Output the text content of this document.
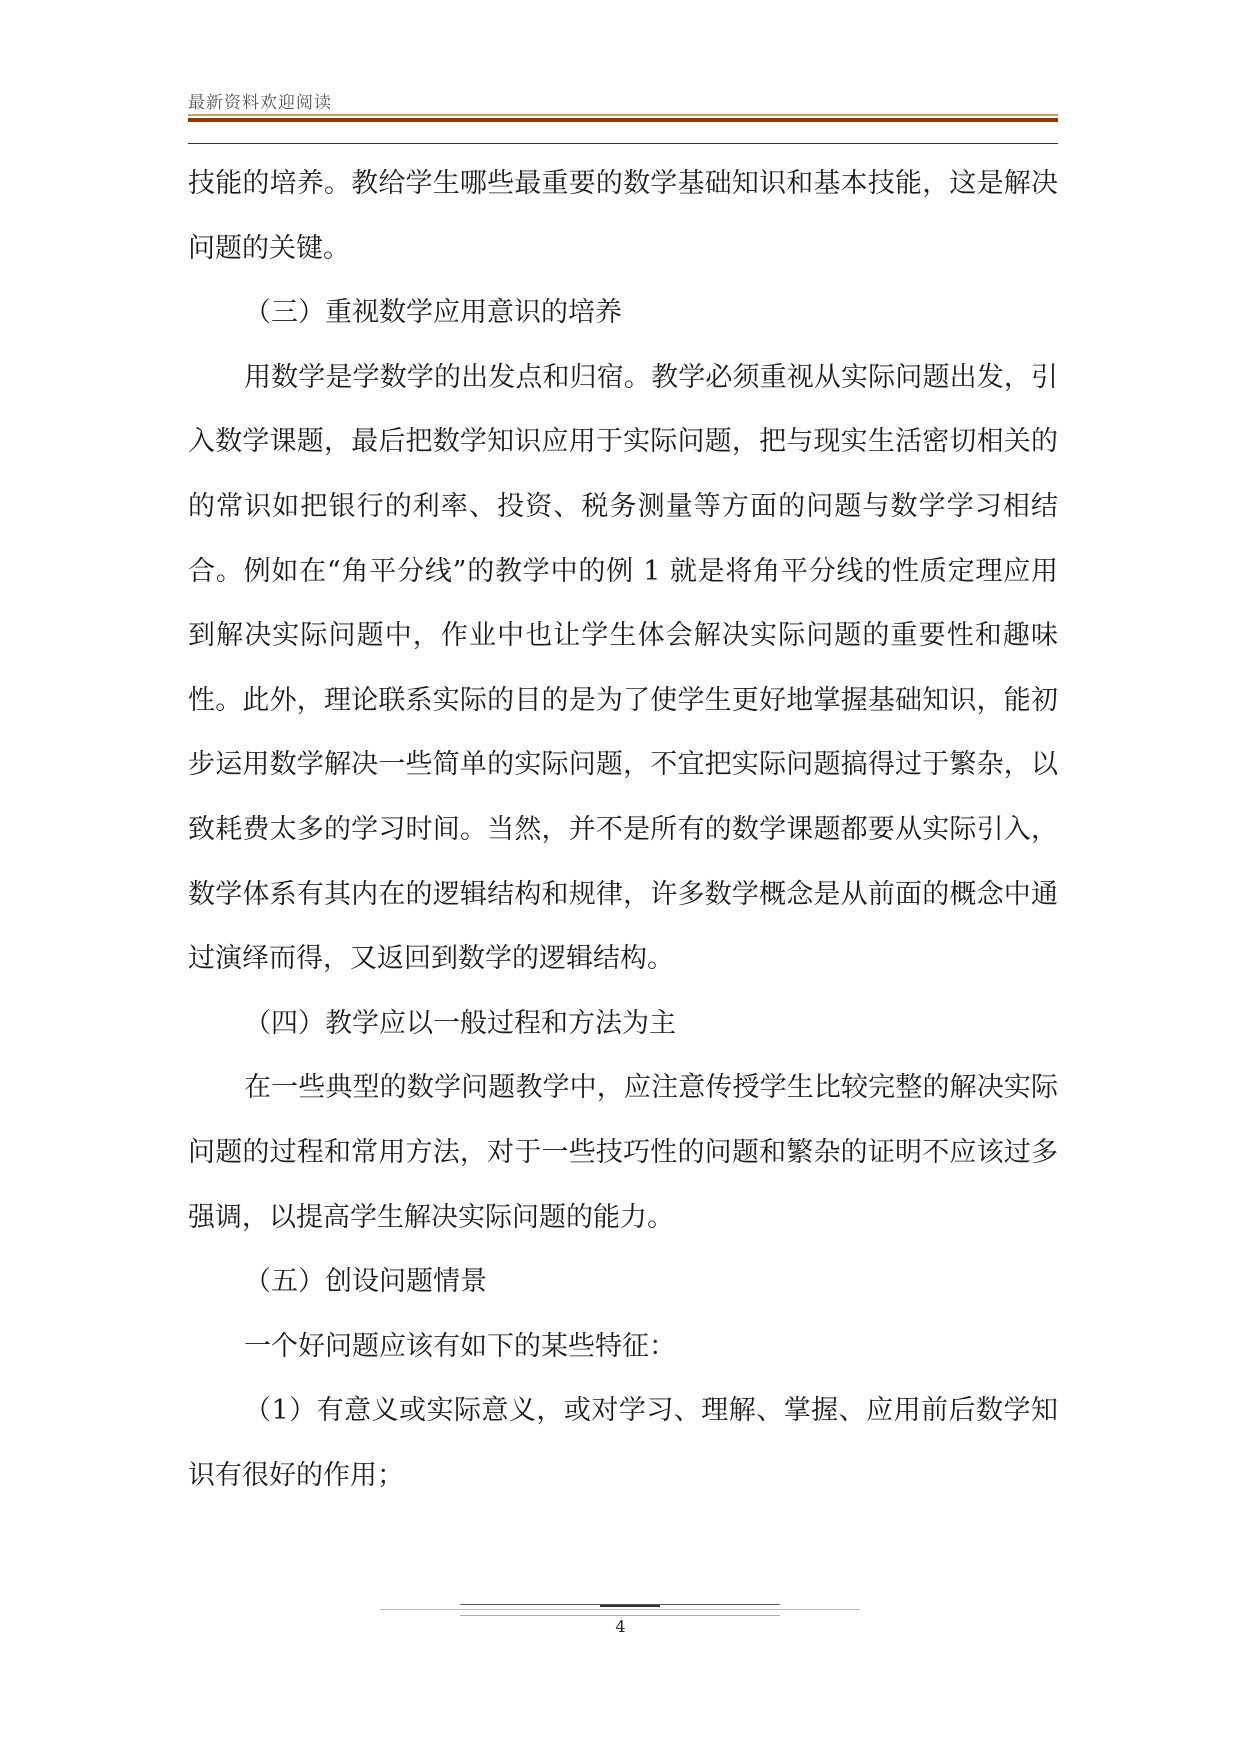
最新资料欢迎阅读

技能的培养。教给学生哪些最重要的数学基础知识和基本技能，这是解决问题的关键。

（三）重视数学应用意识的培养

用数学是学数学的出发点和归宿。教学必须重视从实际问题出发，引入数学课题，最后把数学知识应用于实际问题，把与现实生活密切相关的的常识如把银行的利率、投资、税务测量等方面的问题与数学学习相结合。例如在“角平分线”的教学中的例 1 就是将角平分线的性质定理应用到解决实际问题中，作业中也让学生体会解决实际问题的重要性和趣味性。此外，理论联系实际的目的是为了使学生更好地掌握基础知识，能初步运用数学解决一些简单的实际问题，不宜把实际问题搞得过于繁杂，以致耗费太多的学习时间。当然，并不是所有的数学课题都要从实际引入，数学体系有其内在的逻辑结构和规律，许多数学概念是从前面的概念中通过演绎而得，又返回到数学的逻辑结构。

（四）教学应以一般过程和方法为主

在一些典型的数学问题教学中，应注意传授学生比较完整的解决实际问题的过程和常用方法，对于一些技巧性的问题和繁杂的证明不应该过多强调，以提高学生解决实际问题的能力。

（五）创设问题情景

一个好问题应该有如下的某些特征：

（1）有意义或实际意义，或对学习、理解、掌握、应用前后数学知识有很好的作用；

4
